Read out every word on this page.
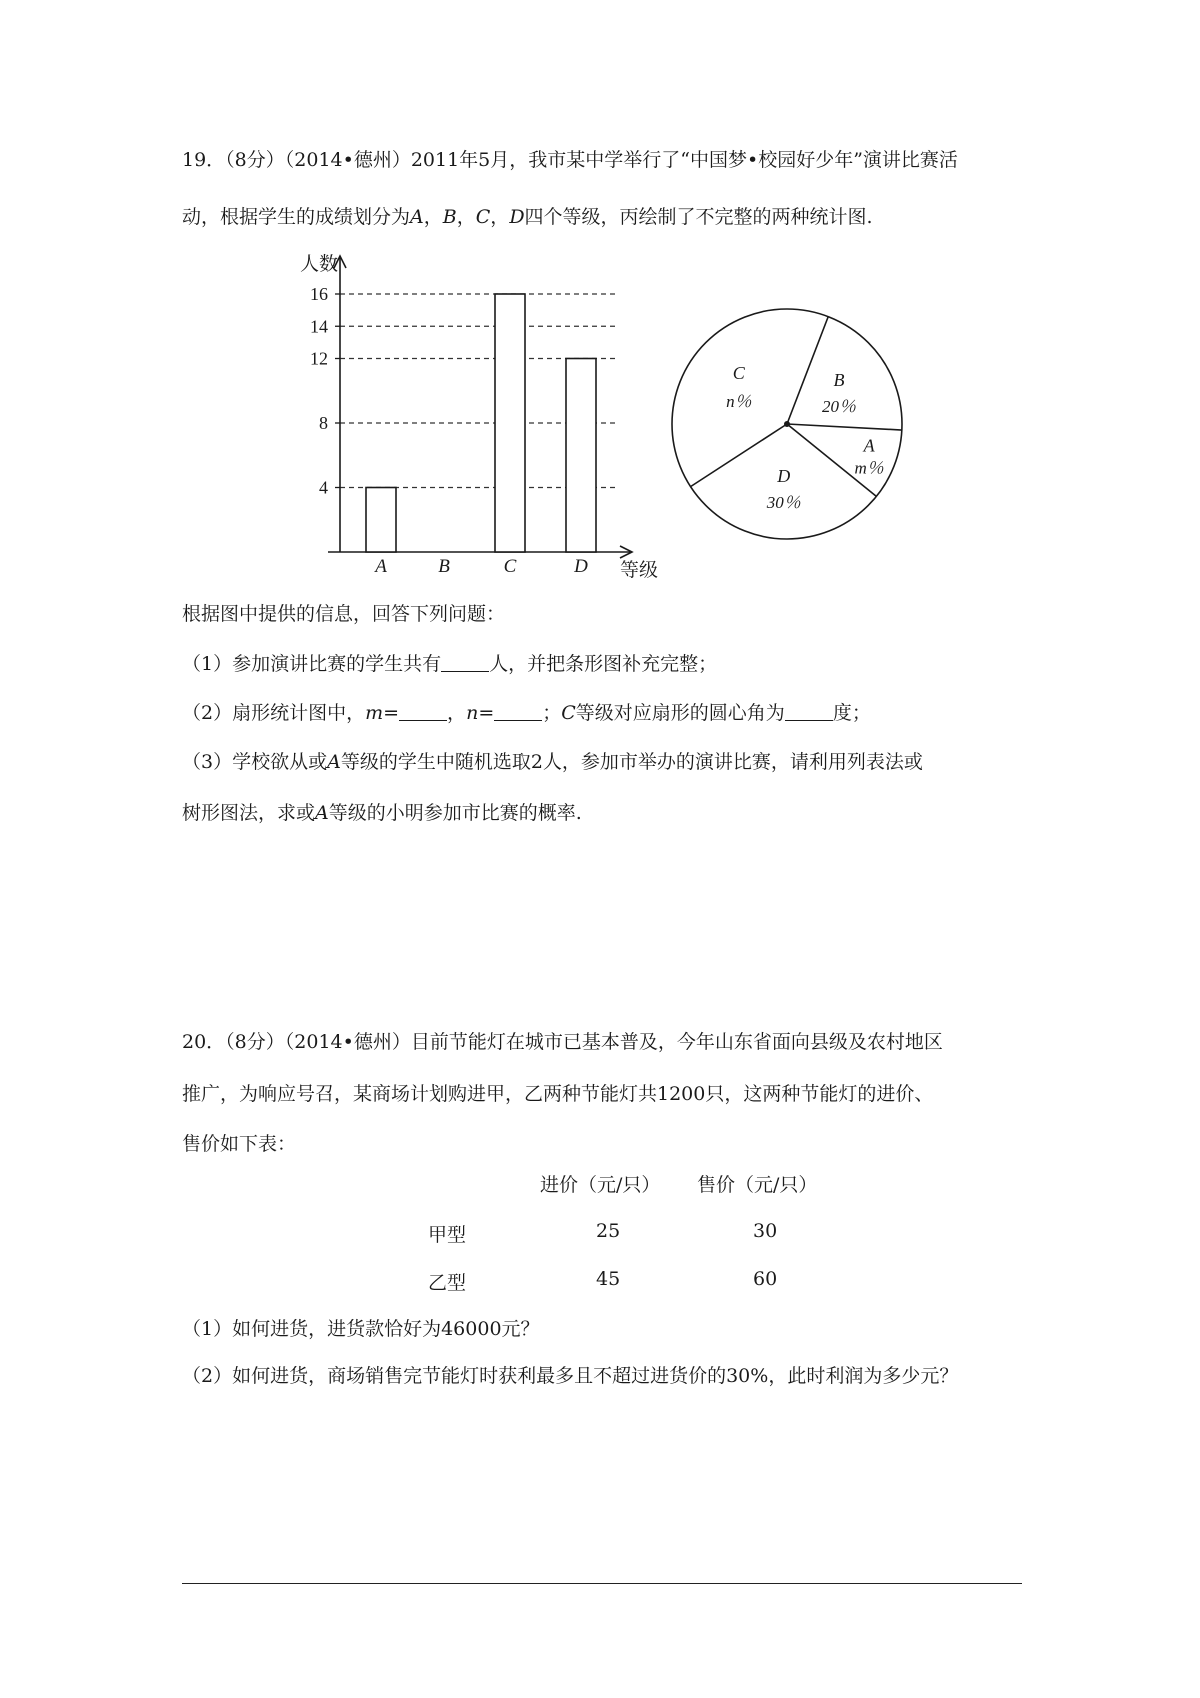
19．（8分）（2014•德州）2011年5月，我市某中学举行了“中国梦•校园好少年”演讲比赛活
动，根据学生的成绩划分为A，B，C，D四个等级，丙绘制了不完整的两种统计图.
4
8
12
14
16
人数
等级
A	B	C	D
B
20％
A
m％
D
30％
C
n％
根据图中提供的信息，回答下列问题：
（1）参加演讲比赛的学生共有	人，并把条形图补充完整；
（2）扇形统计图中，m=	，n=	；C等级对应扇形的圆心角为	度；
（3）学校欲从或A等级的学生中随机选取2人，参加市举办的演讲比赛，请利用列表法或
树形图法，求或A等级的小明参加市比赛的概率.
20．（8分）（2014•德州）目前节能灯在城市已基本普及，今年山东省面向县级及农村地区
推广，为响应号召，某商场计划购进甲，乙两种节能灯共1200只，这两种节能灯的进价、
售价如下表：
进价（元/只） 售价（元/只）
甲型	25	30
乙型	45	60
（1）如何进货，进货款恰好为46000元？
（2）如何进货，商场销售完节能灯时获利最多且不超过进货价的30%，此时利润为多少元？
